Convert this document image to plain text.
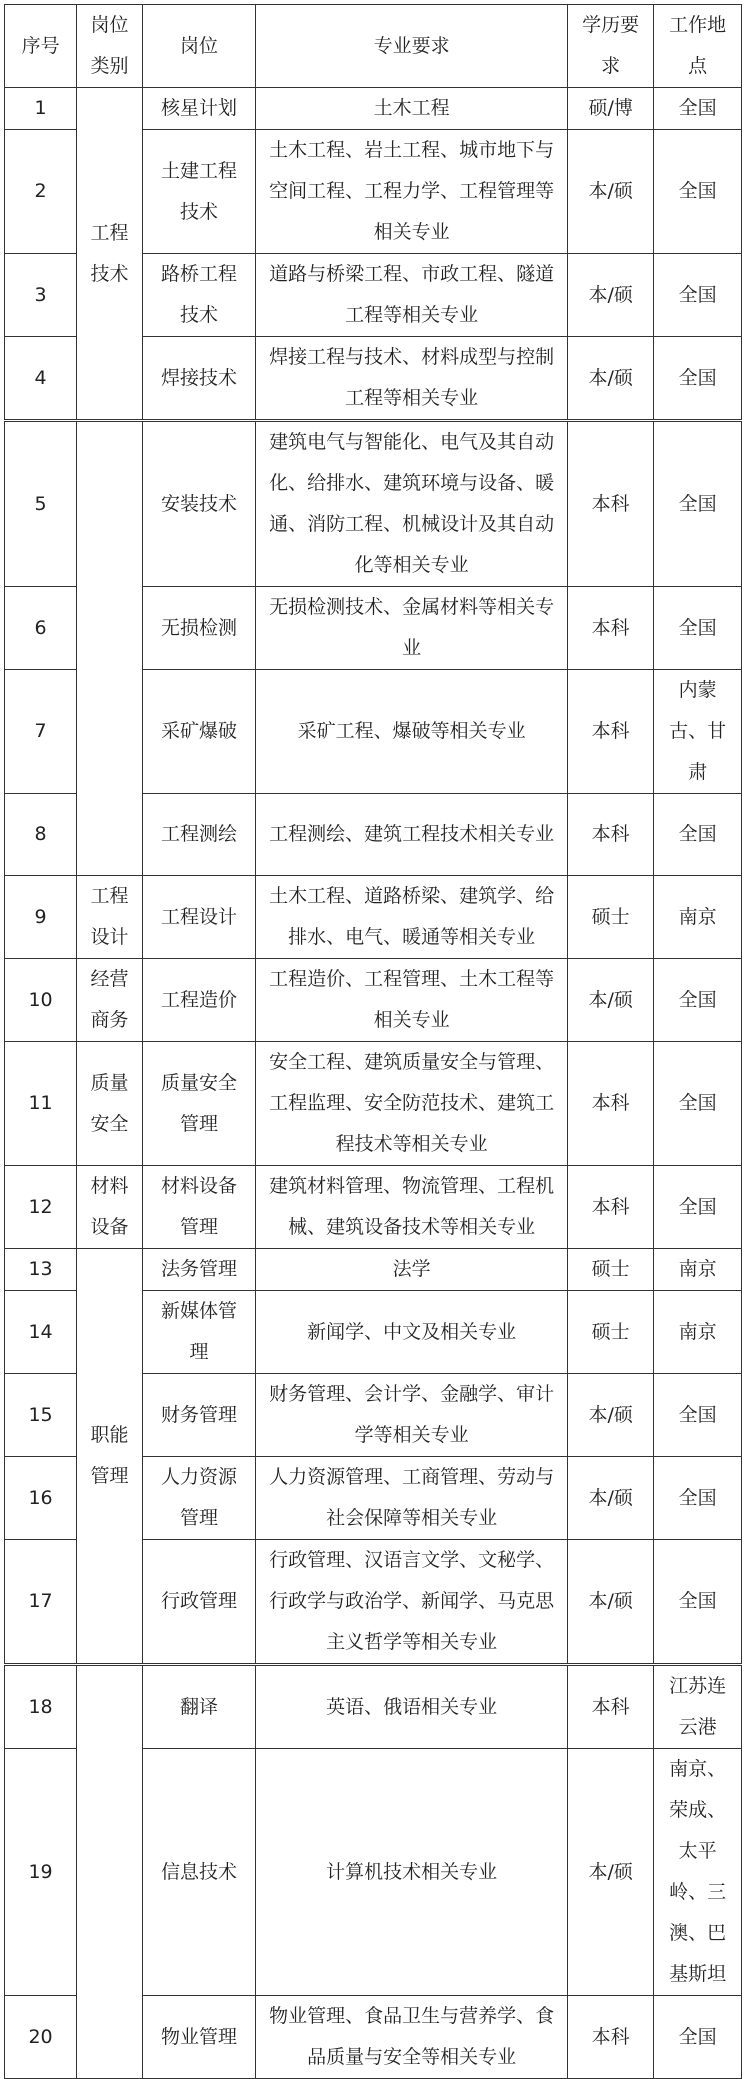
序号	岗位类别	岗位	专业要求	学历要求	工作地点
1	工程技术	核星计划	土木工程	硕/博	全国
2		土建工程技术	土木工程、岩土工程、城市地下与空间工程、工程力学、工程管理等相关专业	本/硕	全国
3		路桥工程技术	道路与桥梁工程、市政工程、隧道工程等相关专业	本/硕	全国
4		焊接技术	焊接工程与技术、材料成型与控制工程等相关专业	本/硕	全国
5		安装技术	建筑电气与智能化、电气及其自动化、给排水、建筑环境与设备、暖通、消防工程、机械设计及其自动化等相关专业	本科	全国
6		无损检测	无损检测技术、金属材料等相关专业	本科	全国
7		采矿爆破	采矿工程、爆破等相关专业	本科	内蒙古、甘肃
8		工程测绘	工程测绘、建筑工程技术相关专业	本科	全国
9	工程设计	工程设计	土木工程、道路桥梁、建筑学、给排水、电气、暖通等相关专业	硕士	南京
10	经营商务	工程造价	工程造价、工程管理、土木工程等相关专业	本/硕	全国
11	质量安全	质量安全管理	安全工程、建筑质量安全与管理、工程监理、安全防范技术、建筑工程技术等相关专业	本科	全国
12	材料设备	材料设备管理	建筑材料管理、物流管理、工程机械、建筑设备技术等相关专业	本科	全国
13	职能管理	法务管理	法学	硕士	南京
14		新媒体管理	新闻学、中文及相关专业	硕士	南京
15		财务管理	财务管理、会计学、金融学、审计学等相关专业	本/硕	全国
16		人力资源管理	人力资源管理、工商管理、劳动与社会保障等相关专业	本/硕	全国
17		行政管理	行政管理、汉语言文学、文秘学、行政学与政治学、新闻学、马克思主义哲学等相关专业	本/硕	全国
18		翻译	英语、俄语相关专业	本科	江苏连云港
19		信息技术	计算机技术相关专业	本/硕	南京、荣成、太平岭、三澳、巴基斯坦
20		物业管理	物业管理、食品卫生与营养学、食品质量与安全等相关专业	本科	全国
